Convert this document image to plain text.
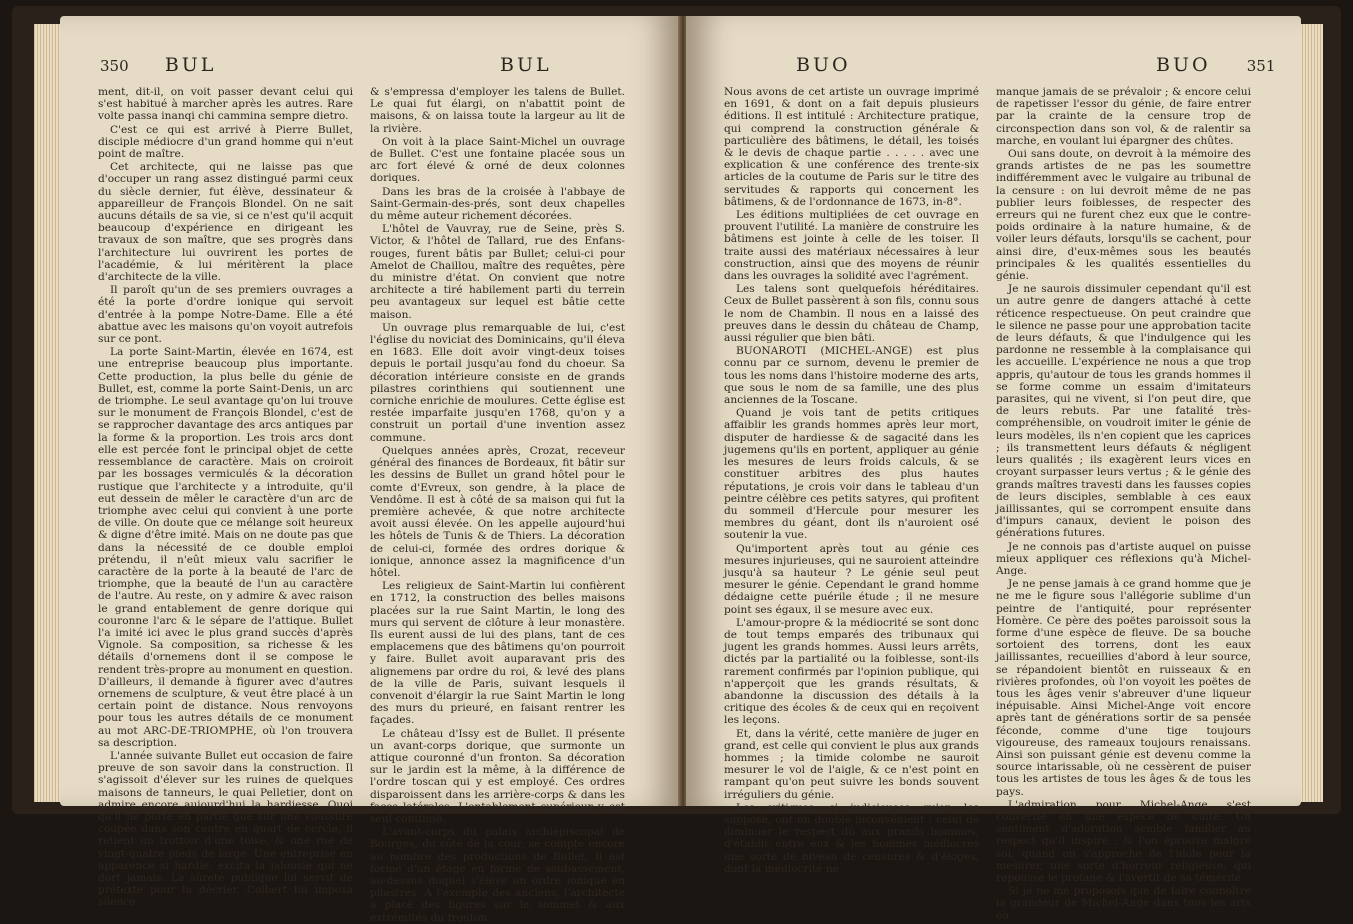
350 BUL	BUL

ment, dit-il, on voit passer devant celui qui s'est habitué à marcher après les autres. Rare volte passa inanqi chi cammina sempre dietro.

C'est ce qui est arrivé à Pierre Bullet, disciple médiocre d'un grand homme qui n'eut point de maître.

Cet architecte, qui ne laisse pas que d'occuper un rang assez distingué parmi ceux du siècle dernier, fut élève, dessinateur & appareilleur de François Blondel. On ne sait aucuns détails de sa vie, si ce n'est qu'il acquit beaucoup d'expérience en dirigeant les travaux de son maître, que ses progrès dans l'architecture lui ouvrirent les portes de l'académie, & lui méritèrent la place d'architecte de la ville.

Il paroît qu'un de ses premiers ouvrages a été la porte d'ordre ionique qui servoit d'entrée à la pompe Notre-Dame. Elle a été abattue avec les maisons qu'on voyoit autrefois sur ce pont.

La porte Saint-Martin, élevée en 1674, est une entreprise beaucoup plus importante. Cette production, la plus belle du génie de Bullet, est, comme la porte Saint-Denis, un arc de triomphe. Le seul avantage qu'on lui trouve sur le monument de François Blondel, c'est de se rapprocher davantage des arcs antiques par la forme & la proportion. Les trois arcs dont elle est percée font le principal objet de cette ressemblance de caractère. Mais on croiroit par les bossages vermiculés & la décoration rustique que l'architecte y a introduite, qu'il eut dessein de mêler le caractère d'un arc de triomphe avec celui qui convient à une porte de ville. On doute que ce mélange soit heureux & digne d'être imité. Mais on ne doute pas que dans la nécessité de ce double emploi prétendu, il n'eût mieux valu sacrifier le caractère de la porte à la beauté de l'arc de triomphe, que la beauté de l'un au caractère de l'autre. Au reste, on y admire & avec raison le grand entablement de genre dorique qui couronne l'arc & le sépare de l'attique. Bullet l'a imité ici avec le plus grand succès d'après Vignole. Sa composition, sa richesse & les détails d'ornemens dont il se compose le rendent très-propre au monument en question. D'ailleurs, il demande à figurer avec d'autres ornemens de sculpture, & veut être placé à un certain point de distance. Nous renvoyons pour tous les autres détails de ce monument au mot ARC-DE-TRIOMPHE, où l'on trouvera sa description.

L'année suivante Bullet eut occasion de faire preuve de son savoir dans la construction. Il s'agissoit d'élever sur les ruines de quelques maisons de tanneurs, le quai Pelletier, dont on admire encore aujourd'hui la hardiesse. Quoi qu'il ne porte en partie que sur une voussure coupée dans son centre en quart de cercle, il retient un trottoir d'une toise, & une rue de vingt-quatre pieds de large. Une entreprise en apparence si hardie, excita la jalousie qui ne dort jamais. La sûreté publique lui servit de prétexte pour la décrier. Colbert lui imposa silence

& s'empressa d'employer les talens de Bullet. Le quai fut élargi, on n'abattit point de maisons, & on laissa toute la largeur au lit de la rivière.

On voit à la place Saint-Michel un ouvrage de Bullet. C'est une fontaine placée sous un arc fort élevé & orné de deux colonnes doriques.

Dans les bras de la croisée à l'abbaye de Saint-Germain-des-prés, sont deux chapelles du même auteur richement décorées.

L'hôtel de Vauvray, rue de Seine, près S. Victor, & l'hôtel de Tallard, rue des Enfans-rouges, furent bâtis par Bullet; celui-ci pour Amelot de Chaillou, maître des requêtes, père du ministre d'état. On convient que notre architecte a tiré habilement parti du terrein peu avantageux sur lequel est bâtie cette maison.

Un ouvrage plus remarquable de lui, c'est l'église du noviciat des Dominicains, qu'il éleva en 1683. Elle doit avoir vingt-deux toises depuis le portail jusqu'au fond du choeur. Sa décoration intérieure consiste en de grands pilastres corinthiens qui soutiennent une corniche enrichie de moulures. Cette église est restée imparfaite jusqu'en 1768, qu'on y a construit un portail d'une invention assez commune.

Quelques années après, Crozat, receveur général des finances de Bordeaux, fit bâtir sur les dessins de Bullet un grand hôtel pour le comte d'Evreux, son gendre, à la place de Vendôme. Il est à côté de sa maison qui fut la première achevée, & que notre architecte avoit aussi élevée. On les appelle aujourd'hui les hôtels de Tunis & de Thiers. La décoration de celui-ci, formée des ordres dorique & ionique, annonce assez la magnificence d'un hôtel.

Les religieux de Saint-Martin lui confièrent en 1712, la construction des belles maisons placées sur la rue Saint Martin, le long des murs qui servent de clôture à leur monastère. Ils eurent aussi de lui des plans, tant de ces emplacemens que des bâtimens qu'on pourroit y faire. Bullet avoit auparavant pris des alignemens par ordre du roi, & levé des plans de la ville de Paris, suivant lesquels il convenoit d'élargir la rue Saint Martin le long des murs du prieuré, en faisant rentrer les façades.

Le château d'Issy est de Bullet. Il présente un avant-corps dorique, que surmonte un attique couronné d'un fronton. Sa décoration sur le jardin est la même, à la différence de l'ordre toscan qui y est employé. Ces ordres disparoissent dans les arrière-corps & dans les faces latérales. L'entablement supérieur y est seul continué.

L'avant-corps du palais archiépiscopal de Bourges, du côté de la cour, se compte encore au nombre des productions de Bullet. Il est formé d'un étage en forme de soubassement, au-dessus duquel s'élève un ordre ionique en pilastres. A l'exemple des anciens, l'architecte a placé des figures sur le sommet & aux extrémités du fronton.

BUO	BUO 351

Nous avons de cet artiste un ouvrage imprimé en 1691, & dont on a fait depuis plusieurs éditions. Il est intitulé : Architecture pratique, qui comprend la construction générale & particulière des bâtimens, le détail, les toisés & le devis de chaque partie . . . . . avec une explication & une conférence des trente-six articles de la coutume de Paris sur le titre des servitudes & rapports qui concernent les bâtimens, & de l'ordonnance de 1673, in-8°.

Les éditions multipliées de cet ouvrage en prouvent l'utilité. La manière de construire les bâtimens est jointe à celle de les toiser. Il traite aussi des matériaux nécessaires à leur construction, ainsi que des moyens de réunir dans les ouvrages la solidité avec l'agrément.

Les talens sont quelquefois héréditaires. Ceux de Bullet passèrent à son fils, connu sous le nom de Chambin. Il nous en a laissé des preuves dans le dessin du château de Champ, aussi régulier que bien bâti.

BUONAROTI (MICHEL-ANGE) est plus connu par ce surnom, devenu le premier de tous les noms dans l'histoire moderne des arts, que sous le nom de sa famille, une des plus anciennes de la Toscane.

Quand je vois tant de petits critiques affaiblir les grands hommes après leur mort, disputer de hardiesse & de sagacité dans les jugemens qu'ils en portent, appliquer au génie les mesures de leurs froids calculs, & se constituer arbitres des plus hautes réputations, je crois voir dans le tableau d'un peintre célèbre ces petits satyres, qui profitent du sommeil d'Hercule pour mesurer les membres du géant, dont ils n'auroient osé soutenir la vue.

Qu'importent après tout au génie ces mesures injurieuses, qui ne sauroient atteindre jusqu'à sa hauteur ? Le génie seul peut mesurer le génie. Cependant le grand homme dédaigne cette puérile étude ; il ne mesure point ses égaux, il se mesure avec eux.

L'amour-propre & la médiocrité se sont donc de tout temps emparés des tribunaux qui jugent les grands hommes. Aussi leurs arrêts, dictés par la partialité ou la foiblesse, sont-ils rarement confirmés par l'opinion publique, qui n'apperçoit que les grands résultats, & abandonne la discussion des détails à la critique des écoles & de ceux qui en reçoivent les leçons.

Et, dans la vérité, cette manière de juger en grand, est celle qui convient le plus aux grands hommes ; la timide colombe ne sauroit mesurer le vol de l'aigle, & ce n'est point en rampant qu'on peut suivre les bonds souvent irréguliers du génie.

Les critiques, si judicieuses qu'on les suppose, ont un double inconvénient : celui de diminuer le respect dû aux grands hommes, d'établir entre eux & les hommes médiocres une sorte de niveau de censures & d'éloges, dont la médiocrité ne

manque jamais de se prévaloir ; & encore celui de rapetisser l'essor du génie, de faire entrer par la crainte de la censure trop de circonspection dans son vol, & de ralentir sa marche, en voulant lui épargner des chûtes.

Oui sans doute, on devroit à la mémoire des grands artistes de ne pas les soumettre indifféremment avec le vulgaire au tribunal de la censure : on lui devroit même de ne pas publier leurs foiblesses, de respecter des erreurs qui ne furent chez eux que le contre-poids ordinaire à la nature humaine, & de voiler leurs défauts, lorsqu'ils se cachent, pour ainsi dire, d'eux-mêmes sous les beautés principales & les qualités essentielles du génie.

Je ne saurois dissimuler cependant qu'il est un autre genre de dangers attaché à cette réticence respectueuse. On peut craindre que le silence ne passe pour une approbation tacite de leurs défauts, & que l'indulgence qui les pardonne ne ressemble à la complaisance qui les accueille. L'expérience ne nous a que trop appris, qu'autour de tous les grands hommes il se forme comme un essaim d'imitateurs parasites, qui ne vivent, si l'on peut dire, que de leurs rebuts. Par une fatalité très-compréhensible, on voudroit imiter le génie de leurs modèles, ils n'en copient que les caprices ; ils transmettent leurs défauts & négligent leurs qualités ; ils exagèrent leurs vices en croyant surpasser leurs vertus ; & le génie des grands maîtres travesti dans les fausses copies de leurs disciples, semblable à ces eaux jaillissantes, qui se corrompent ensuite dans d'impurs canaux, devient le poison des générations futures.

Je ne connois pas d'artiste auquel on puisse mieux appliquer ces réflexions qu'à Michel-Ange.

Je ne pense jamais à ce grand homme que je ne me le figure sous l'allégorie sublime d'un peintre de l'antiquité, pour représenter Homère. Ce père des poëtes paroissoit sous la forme d'une espèce de fleuve. De sa bouche sortoient des torrens, dont les eaux jaillissantes, recueillies d'abord à leur source, se répandoient bientôt en ruisseaux & en rivières profondes, où l'on voyoit les poëtes de tous les âges venir s'abreuver d'une liqueur inépuisable. Ainsi Michel-Ange voit encore après tant de générations sortir de sa pensée féconde, comme d'une tige toujours vigoureuse, des rameaux toujours renaissans. Ainsi son puissant génie est devenu comme la source intarissable, où ne cessèrent de puiser tous les artistes de tous les âges & de tous les pays.

L'admiration pour Michel-Ange s'est convertie en une espèce de culte. Un sentiment d'adoration semble familier au respect qu'il inspire ; & l'on éprouve malgré soi, quand on s'approche de l'idole pour la mesurer, une sorte d'horreur religieuse, qui repousse le profane & l'avertit de sa témérité.

Si je ne me proposois que de faire connoître la grandeur de Michel-Ange dans tous les arts où
